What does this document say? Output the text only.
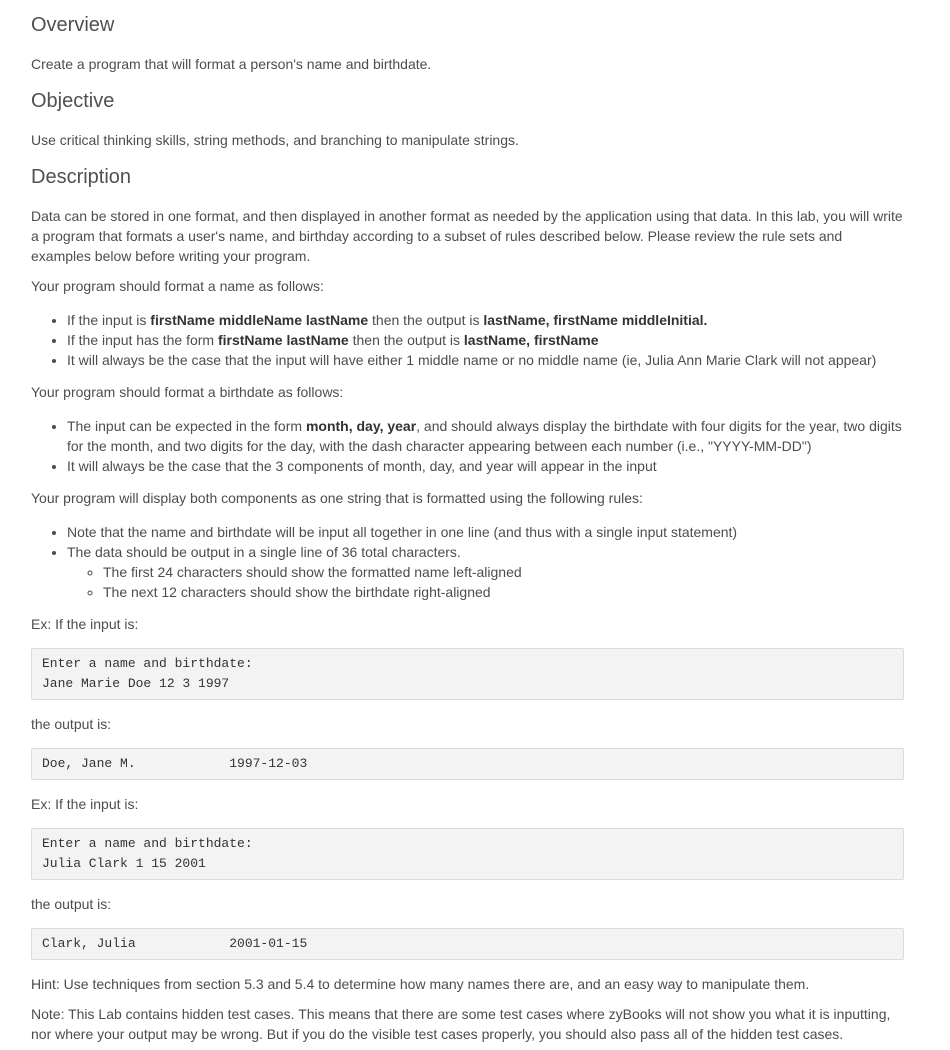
Overview

Create a program that will format a person's name and birthdate.

Objective

Use critical thinking skills, string methods, and branching to manipulate strings.

Description

Data can be stored in one format, and then displayed in another format as needed by the application using that data. In this lab, you will write a program that formats a user's name, and birthday according to a subset of rules described below. Please review the rule sets and examples below before writing your program.

Your program should format a name as follows:

• If the input is firstName middleName lastName then the output is lastName, firstName middleInitial.
• If the input has the form firstName lastName then the output is lastName, firstName
• It will always be the case that the input will have either 1 middle name or no middle name (ie, Julia Ann Marie Clark will not appear)

Your program should format a birthdate as follows:

• The input can be expected in the form month, day, year, and should always display the birthdate with four digits for the year, two digits for the month, and two digits for the day, with the dash character appearing between each number (i.e., "YYYY-MM-DD")
• It will always be the case that the 3 components of month, day, and year will appear in the input

Your program will display both components as one string that is formatted using the following rules:

• Note that the name and birthdate will be input all together in one line (and thus with a single input statement)
• The data should be output in a single line of 36 total characters.
◦ The first 24 characters should show the formatted name left-aligned
◦ The next 12 characters should show the birthdate right-aligned

Ex: If the input is:

Enter a name and birthdate:
Jane Marie Doe 12 3 1997

the output is:

Doe, Jane M.            1997-12-03

Ex: If the input is:

Enter a name and birthdate:
Julia Clark 1 15 2001

the output is:

Clark, Julia            2001-01-15

Hint: Use techniques from section 5.3 and 5.4 to determine how many names there are, and an easy way to manipulate them.

Note: This Lab contains hidden test cases. This means that there are some test cases where zyBooks will not show you what it is inputting, nor where your output may be wrong. But if you do the visible test cases properly, you should also pass all of the hidden test cases.
